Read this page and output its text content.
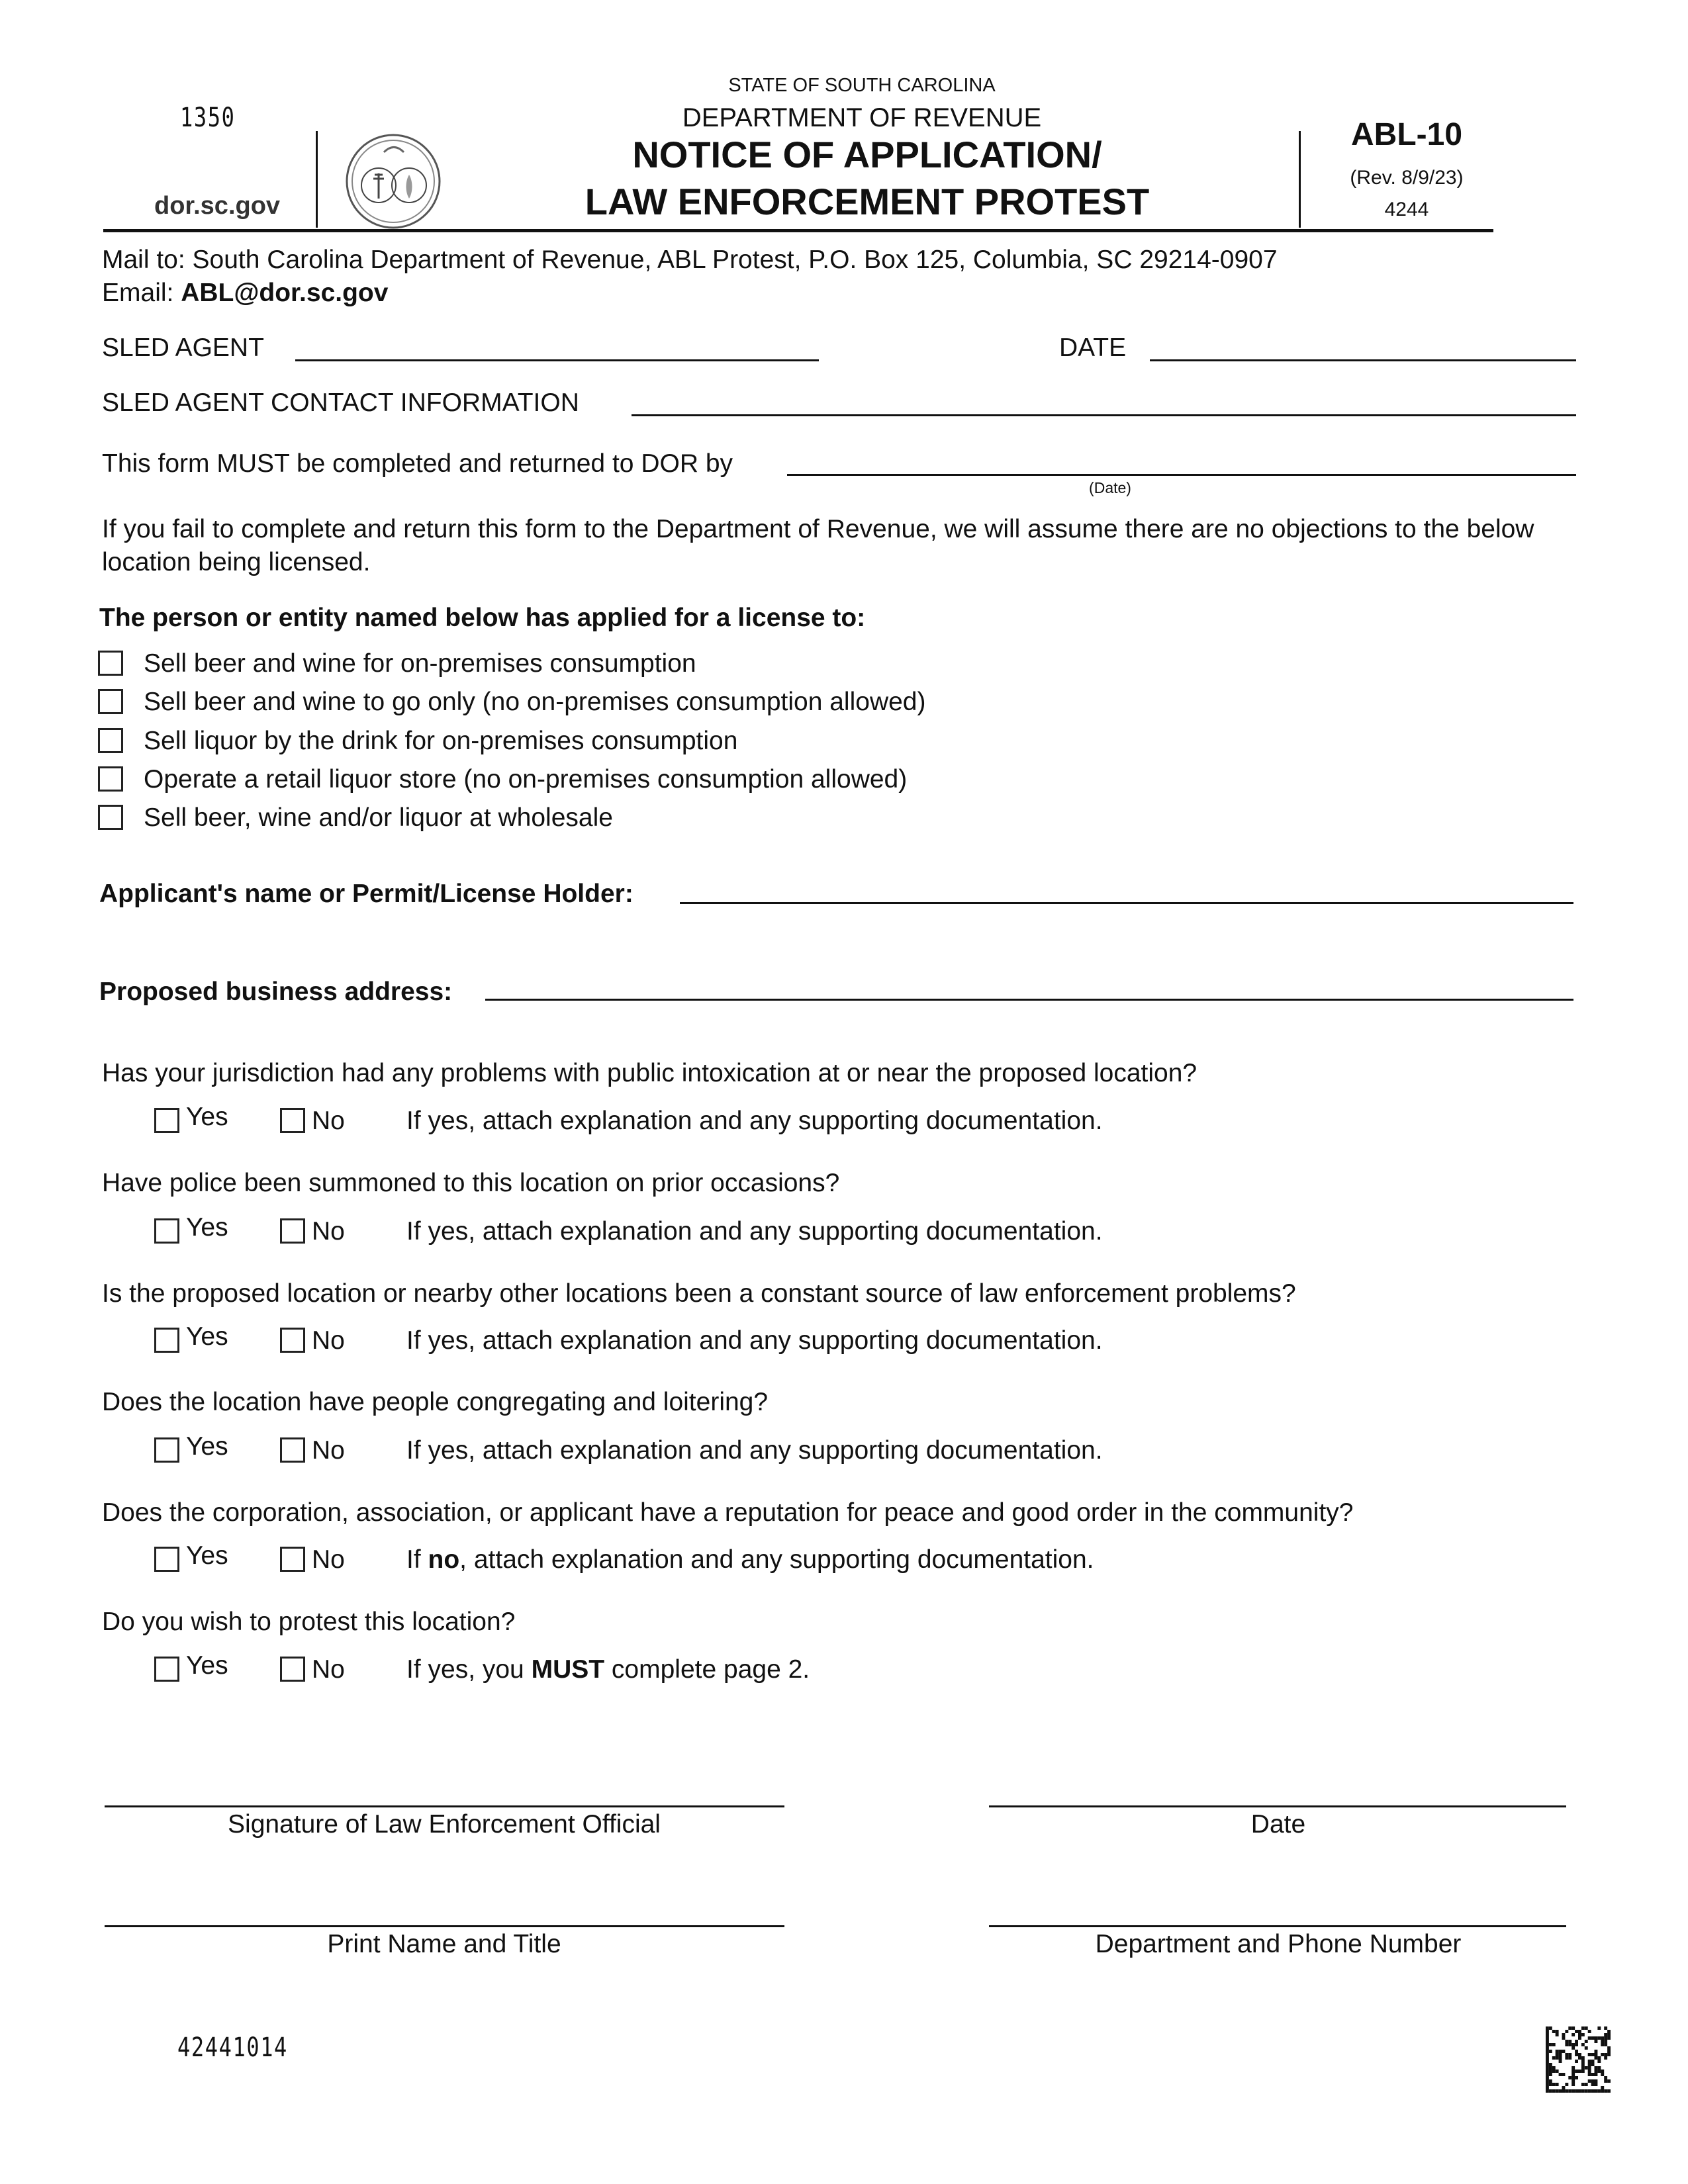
STATE OF SOUTH CAROLINA
DEPARTMENT OF REVENUE
NOTICE OF APPLICATION/
LAW ENFORCEMENT PROTEST
1350
dor.sc.gov
ABL-10
(Rev. 8/9/23)
4244
Mail to: South Carolina Department of Revenue, ABL Protest, P.O. Box 125, Columbia, SC 29214-0907
Email: ABL@dor.sc.gov
SLED AGENT	DATE
SLED AGENT CONTACT INFORMATION
This form MUST be completed and returned to DOR by
(Date)
If you fail to complete and return this form to the Department of Revenue, we will assume there are no objections to the below location being licensed.
The person or entity named below has applied for a license to:
Sell beer and wine for on-premises consumption
Sell beer and wine to go only (no on-premises consumption allowed)
Sell liquor by the drink for on-premises consumption
Operate a retail liquor store (no on-premises consumption allowed)
Sell beer, wine and/or liquor at wholesale
Applicant's name or Permit/License Holder:
Proposed business address:
Has your jurisdiction had any problems with public intoxication at or near the proposed location?
Yes	No If yes, attach explanation and any supporting documentation.
Have police been summoned to this location on prior occasions?
Yes	No If yes, attach explanation and any supporting documentation.
Is the proposed location or nearby other locations been a constant source of law enforcement problems?
Yes	No If yes, attach explanation and any supporting documentation.
Does the location have people congregating and loitering?
Yes	No If yes, attach explanation and any supporting documentation.
Does the corporation, association, or applicant have a reputation for peace and good order in the community?
Yes	No If no, attach explanation and any supporting documentation.
Do you wish to protest this location?
Yes	No If yes, you MUST complete page 2.
Signature of Law Enforcement Official	Date
Print Name and Title	Department and Phone Number
42441014
